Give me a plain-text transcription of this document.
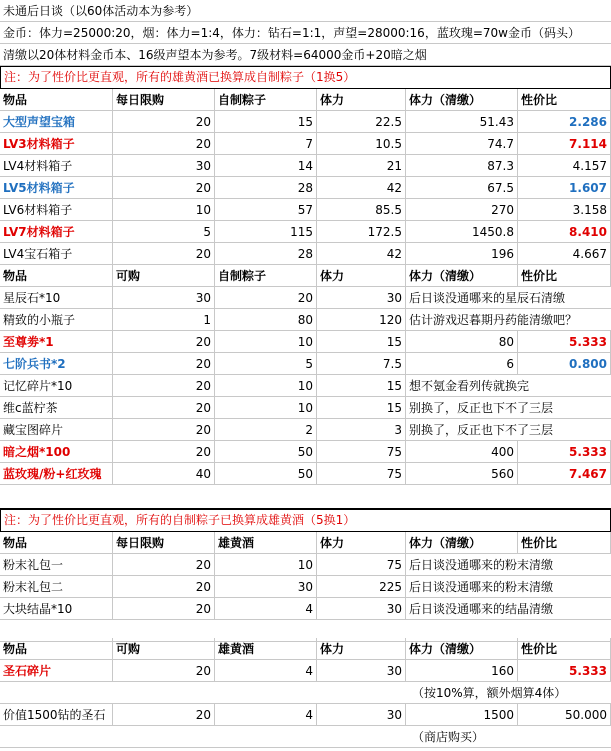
未通后日谈（以60体活动本为参考）
金币：体力=25000:20，烟：体力=1:4，体力：钻石=1:1，声望=28000:16，蓝玫瑰=70w金币（码头）
清缴以20体材料金币本、16级声望本为参考。7级材料=64000金币+20暗之烟
注：为了性价比更直观，所有的雄黄酒已换算成自制粽子（1换5）
注：为了性价比更直观，所有的自制粽子已换算成雄黄酒（5换1）
物品	每日限购	自制粽子	体力	体力（清缴）	性价比
大型声望宝箱	20	15	22.5	51.43	2.286
LV3材料箱子	20	7	10.5	74.7	7.114
LV4材料箱子	30	14	21	87.3	4.157
LV5材料箱子	20	28	42	67.5	1.607
LV6材料箱子	10	57	85.5	270	3.158
LV7材料箱子	5	115	172.5	1450.8	8.410
LV4宝石箱子	20	28	42	196	4.667
物品	可购	自制粽子	体力	体力（清缴）	性价比
星辰石*10	30	20	30 后日谈没通哪来的星辰石清缴
精致的小瓶子	1	80	120 估计游戏迟暮期丹药能清缴吧？
至尊劵*1	20	10	15	80	5.333
七阶兵书*2	20	5	7.5	6	0.800
记忆碎片*10	20	10	15 想不氪金看列传就换完
维c蓝柠茶	20	10	15 别换了，反正也下不了三层
藏宝图碎片	20	2	3 别换了，反正也下不了三层
暗之烟*100	20	50	75	400	5.333
蓝玫瑰/粉+红玫瑰	40	50	75	560	7.467
物品	每日限购	雄黄酒	体力	体力（清缴）	性价比
粉末礼包一	20	10	75 后日谈没通哪来的粉末清缴
粉末礼包二	20	30	225 后日谈没通哪来的粉末清缴
大块结晶*10	20	4	30 后日谈没通哪来的结晶清缴
物品	可购	雄黄酒	体力	体力（清缴）	性价比
圣石碎片	20	4	30	160	5.333
（按10%算，额外烟算4体）
价值1500钻的圣石	20	4	30	1500	50.000
（商店购买）
